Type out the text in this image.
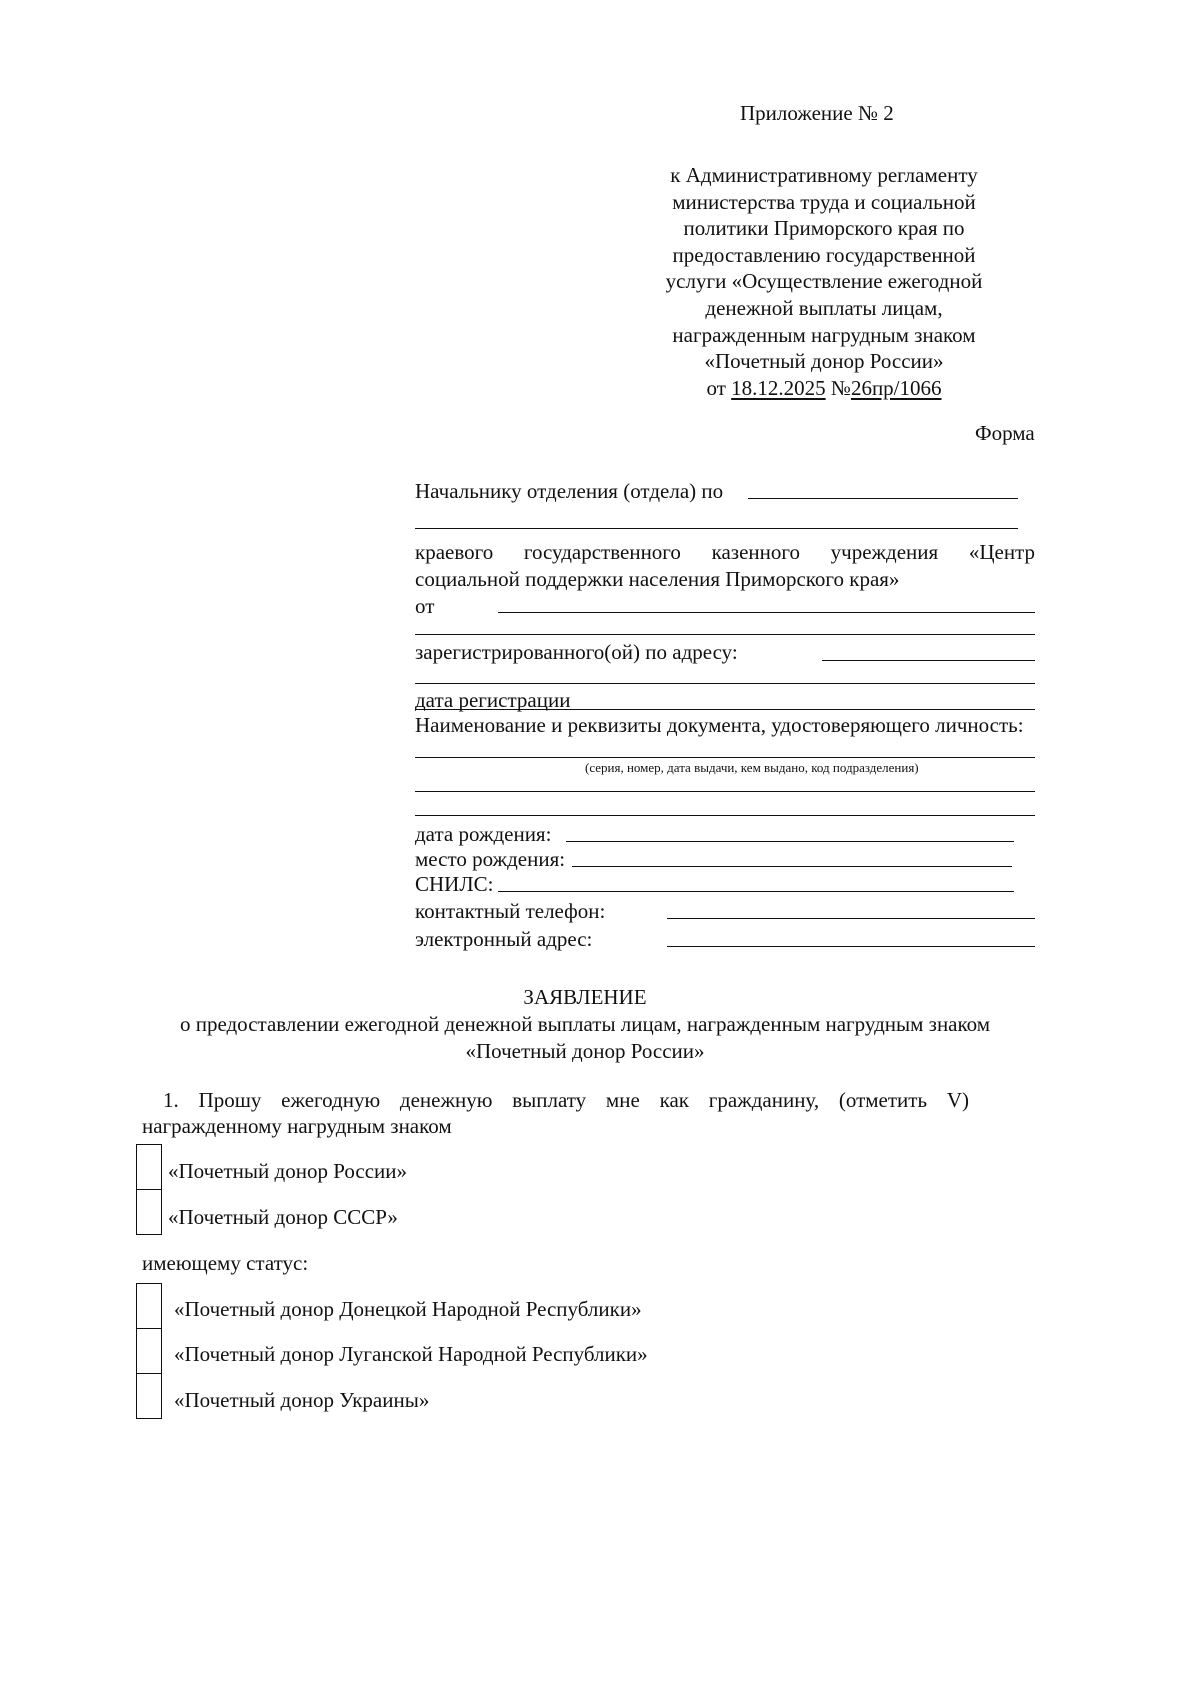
Приложение № 2
к Административному регламенту
министерства труда и социальной
политики Приморского края по
предоставлению государственной
услуги «Осуществление ежегодной
денежной выплаты лицам,
награжденным нагрудным знаком
«Почетный донор России»
от 18.12.2025 №26пр/1066
Форма
Начальнику отделения (отдела) по
краевого государственного казенного учреждения «Центр
социальной поддержки населения Приморского края»
от
зарегистрированного(ой) по адресу:
дата регистрации
Наименование и реквизиты документа, удостоверяющего личность:
(серия, номер, дата выдачи, кем выдано, код подразделения)
дата рождения:
место рождения:
СНИЛС:
контактный телефон:
электронный адрес:
ЗАЯВЛЕНИЕ
о предоставлении ежегодной денежной выплаты лицам, награжденным нагрудным знаком
«Почетный донор России»
1. Прошу ежегодную денежную выплату мне как гражданину, (отметить V)
награжденному нагрудным знаком
«Почетный донор России»
«Почетный донор СССР»
имеющему статус:
«Почетный донор Донецкой Народной Республики»
«Почетный донор Луганской Народной Республики»
«Почетный донор Украины»
